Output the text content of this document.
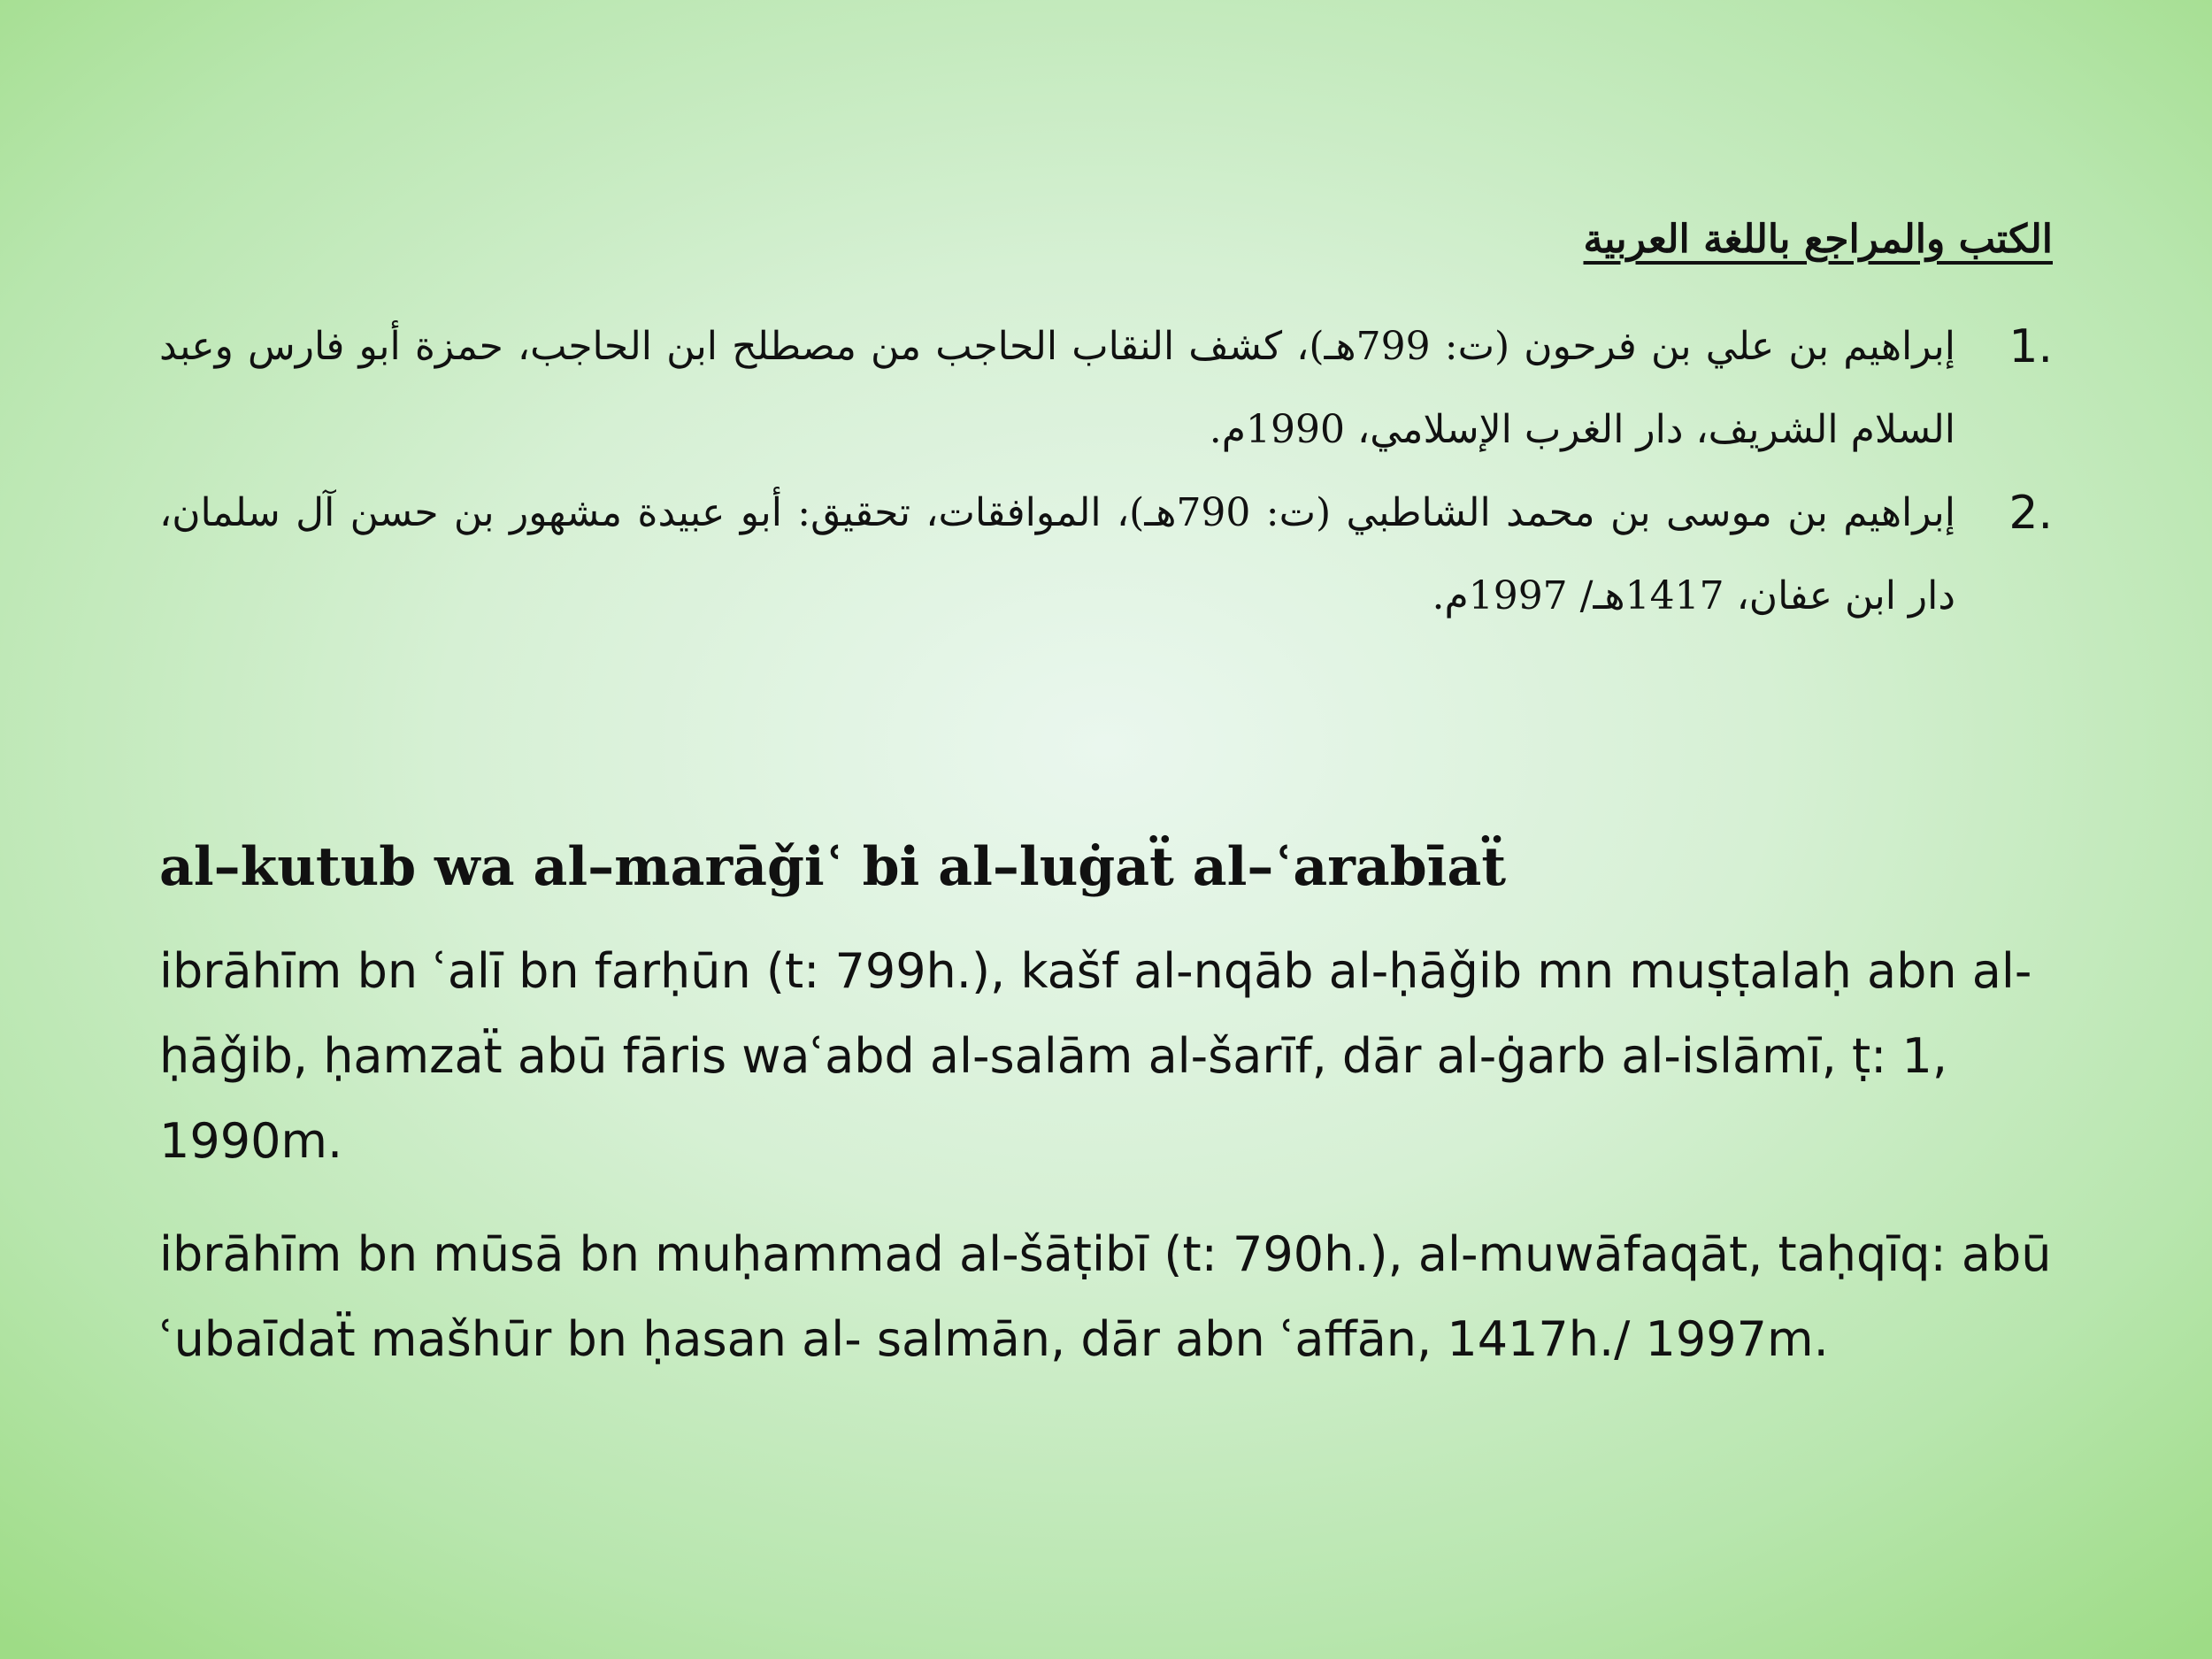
الكتب والمراجع باللغة العربية
1.
إبراهيم بن علي بن فرحون (ت: 799هـ)، كشف النقاب الحاجب من مصطلح ابن الحاجب، حمزة أبو فارس وعبد السلام الشريف، دار الغرب الإسلامي، 1990م.
2.
إبراهيم بن موسى بن محمد الشاطبي (ت: 790هـ)، الموافقات، تحقيق: أبو عبيدة مشهور بن حسن آل سلمان، دار ابن عفان، 1417هـ/ 1997م.
al–kutub wa al–marāǧiʿ bi al–luġaẗ al–ʿarabīaẗ

ibrāhīm bn ʿalī bn farḥūn (t: 799h.), kašf al-nqāb al-ḥāǧib mn muṣṭalaḥ abn al-ḥāǧib, ḥamzaẗ abū fāris waʿabd al-salām al-šarīf, dār al-ġarb al-islāmī, ṭ: 1, 1990m.

ibrāhīm bn mūsā bn muḥammad al-šāṭibī (t: 790h.), al-muwāfaqāt, taḥqīq: abū ʿubaīdaẗ mašhūr bn ḥasan al- salmān, dār abn ʿaffān, 1417h./ 1997m.
